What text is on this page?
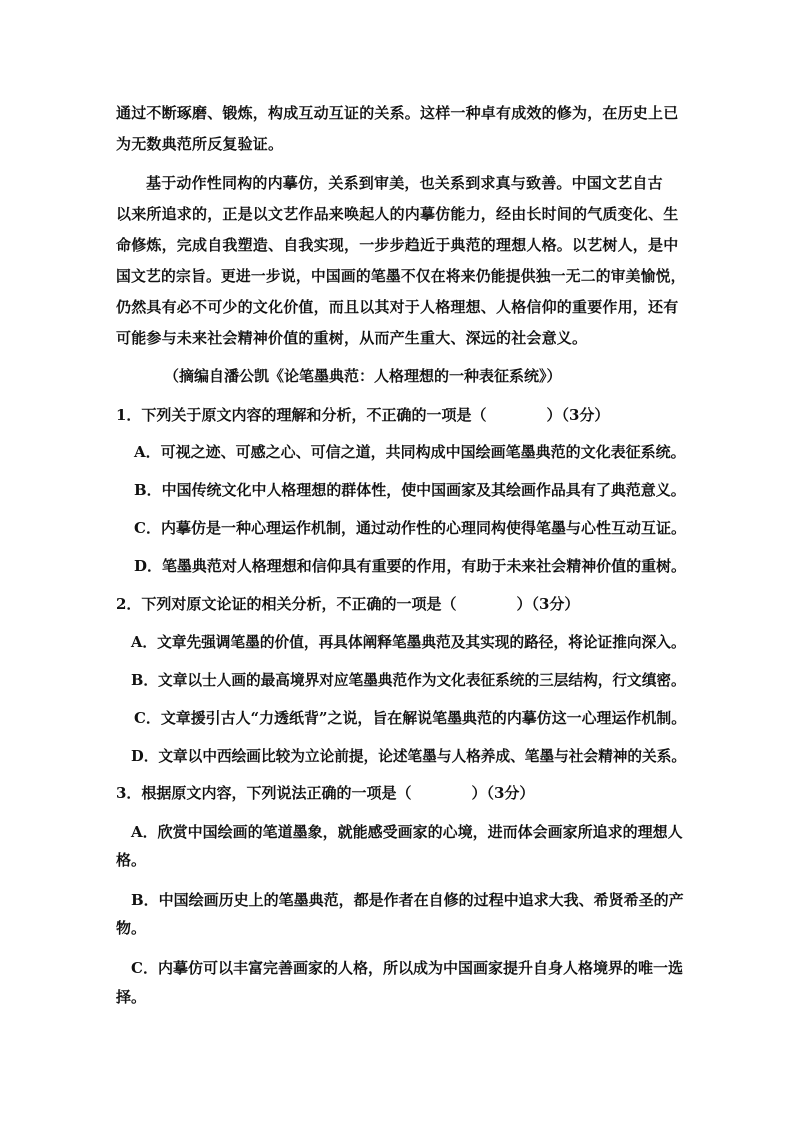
通过不断琢磨、锻炼，构成互动互证的关系。这样一种卓有成效的修为，在历史上已
为无数典范所反复验证。
基于动作性同构的内摹仿，关系到审美，也关系到求真与致善。中国文艺自古
以来所追求的，正是以文艺作品来唤起人的内摹仿能力，经由长时间的气质变化、生
命修炼，完成自我塑造、自我实现，一步步趋近于典范的理想人格。以艺树人，是中
国文艺的宗旨。更进一步说，中国画的笔墨不仅在将来仍能提供独一无二的审美愉悦，
仍然具有必不可少的文化价值，而且以其对于人格理想、人格信仰的重要作用，还有
可能参与未来社会精神价值的重树，从而产生重大、深远的社会意义。
（摘编自潘公凯《论笔墨典范：人格理想的一种表征系统》）
1．下列关于原文内容的理解和分析，不正确的一项是（　　　　）（3分）
A．可视之迹、可感之心、可信之道，共同构成中国绘画笔墨典范的文化表征系统。
B．中国传统文化中人格理想的群体性，使中国画家及其绘画作品具有了典范意义。
C．内摹仿是一种心理运作机制，通过动作性的心理同构使得笔墨与心性互动互证。
D．笔墨典范对人格理想和信仰具有重要的作用，有助于未来社会精神价值的重树。
2．下列对原文论证的相关分析，不正确的一项是（　　　　）（3分）
A．文章先强调笔墨的价值，再具体阐释笔墨典范及其实现的路径，将论证推向深入。
B．文章以士人画的最高境界对应笔墨典范作为文化表征系统的三层结构，行文缜密。
C．文章援引古人“力透纸背”之说，旨在解说笔墨典范的内摹仿这一心理运作机制。
D．文章以中西绘画比较为立论前提，论述笔墨与人格养成、笔墨与社会精神的关系。
3．根据原文内容，下列说法正确的一项是（　　　　）（3分）
A．欣赏中国绘画的笔道墨象，就能感受画家的心境，进而体会画家所追求的理想人
格。
B．中国绘画历史上的笔墨典范，都是作者在自修的过程中追求大我、希贤希圣的产
物。
C．内摹仿可以丰富完善画家的人格，所以成为中国画家提升自身人格境界的唯一选
择。
